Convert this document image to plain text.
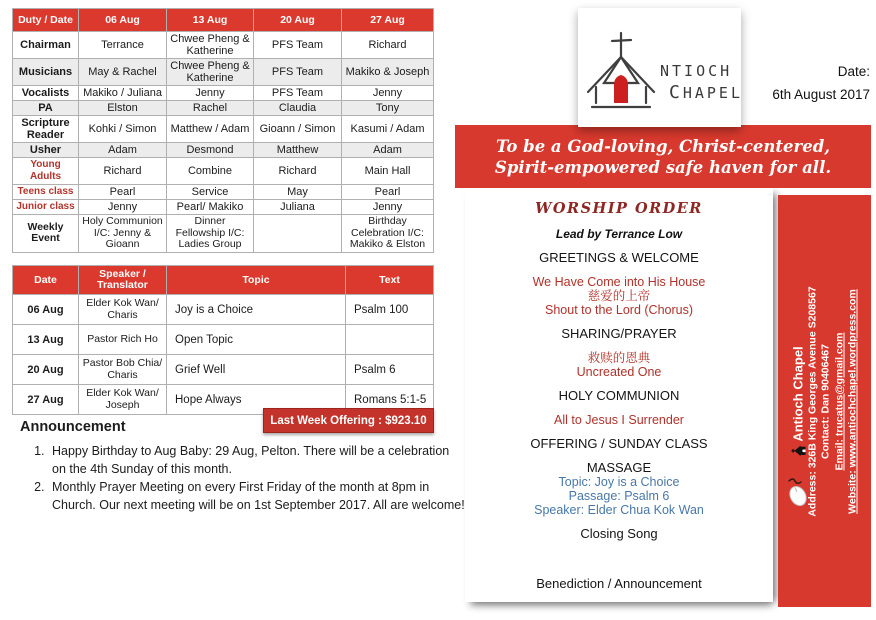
Duty / Date	06 Aug	13 Aug	20 Aug	27 Aug
Chairman	Terrance	Chwee Pheng & Katherine	PFS Team	Richard
Musicians	May & Rachel	Chwee Pheng & Katherine	PFS Team	Makiko & Joseph
Vocalists	Makiko / Juliana	Jenny	PFS Team	Jenny
PA	Elston	Rachel	Claudia	Tony
Scripture Reader	Kohki / Simon	Matthew / Adam	Gioann / Simon	Kasumi / Adam
Usher	Adam	Desmond	Matthew	Adam
Young Adults	Richard	Combine	Richard	Main Hall
Teens class	Pearl	Service	May	Pearl
Junior class	Jenny	Pearl/ Makiko	Juliana	Jenny
Weekly Event	Holy Communion I/C: Jenny & Gioann	Dinner Fellowship I/C: Ladies Group		Birthday Celebration I/C: Makiko & Elston
Date	Speaker / Translator	Topic	Text
06 Aug	Elder Kok Wan/ Charis	Joy is a Choice	Psalm 100
13 Aug	Pastor Rich Ho	Open Topic	
20 Aug	Pastor Bob Chia/ Charis	Grief Well	Psalm 6
27 Aug	Elder Kok Wan/ Joseph	Hope Always	Romans 5:1-5
Last Week Offering : $923.10
Announcement
1. Happy Birthday to Aug Baby: 29 Aug, Pelton. There will be a celebration on the 4th Sunday of this month.
2. Monthly Prayer Meeting on every First Friday of the month at 8pm in Church. Our next meeting will be on 1st September 2017. All are welcome!
NTIOCH
CHAPEL
Date:
6th August 2017
To be a God-loving, Christ-centered,
Spirit-empowered safe haven for all.
WORSHIP ORDER
Lead by Terrance Low
GREETINGS & WELCOME
We Have Come into His House
慈爱的上帝
Shout to the Lord (Chorus)
SHARING/PRAYER
救赎的恩典
Uncreated One
HOLY COMMUNION
All to Jesus I Surrender
OFFERING / SUNDAY CLASS
MASSAGE
Topic: Joy is a Choice
Passage: Psalm 6
Speaker: Elder Chua Kok Wan
Closing Song
Benediction / Announcement
Antioch Chapel Address: 326B King Georges Avenue S208567 Contact: Dan 90406467 Email: trucatus@gmail.com Website: www.antiochchapel.wordpress.com
